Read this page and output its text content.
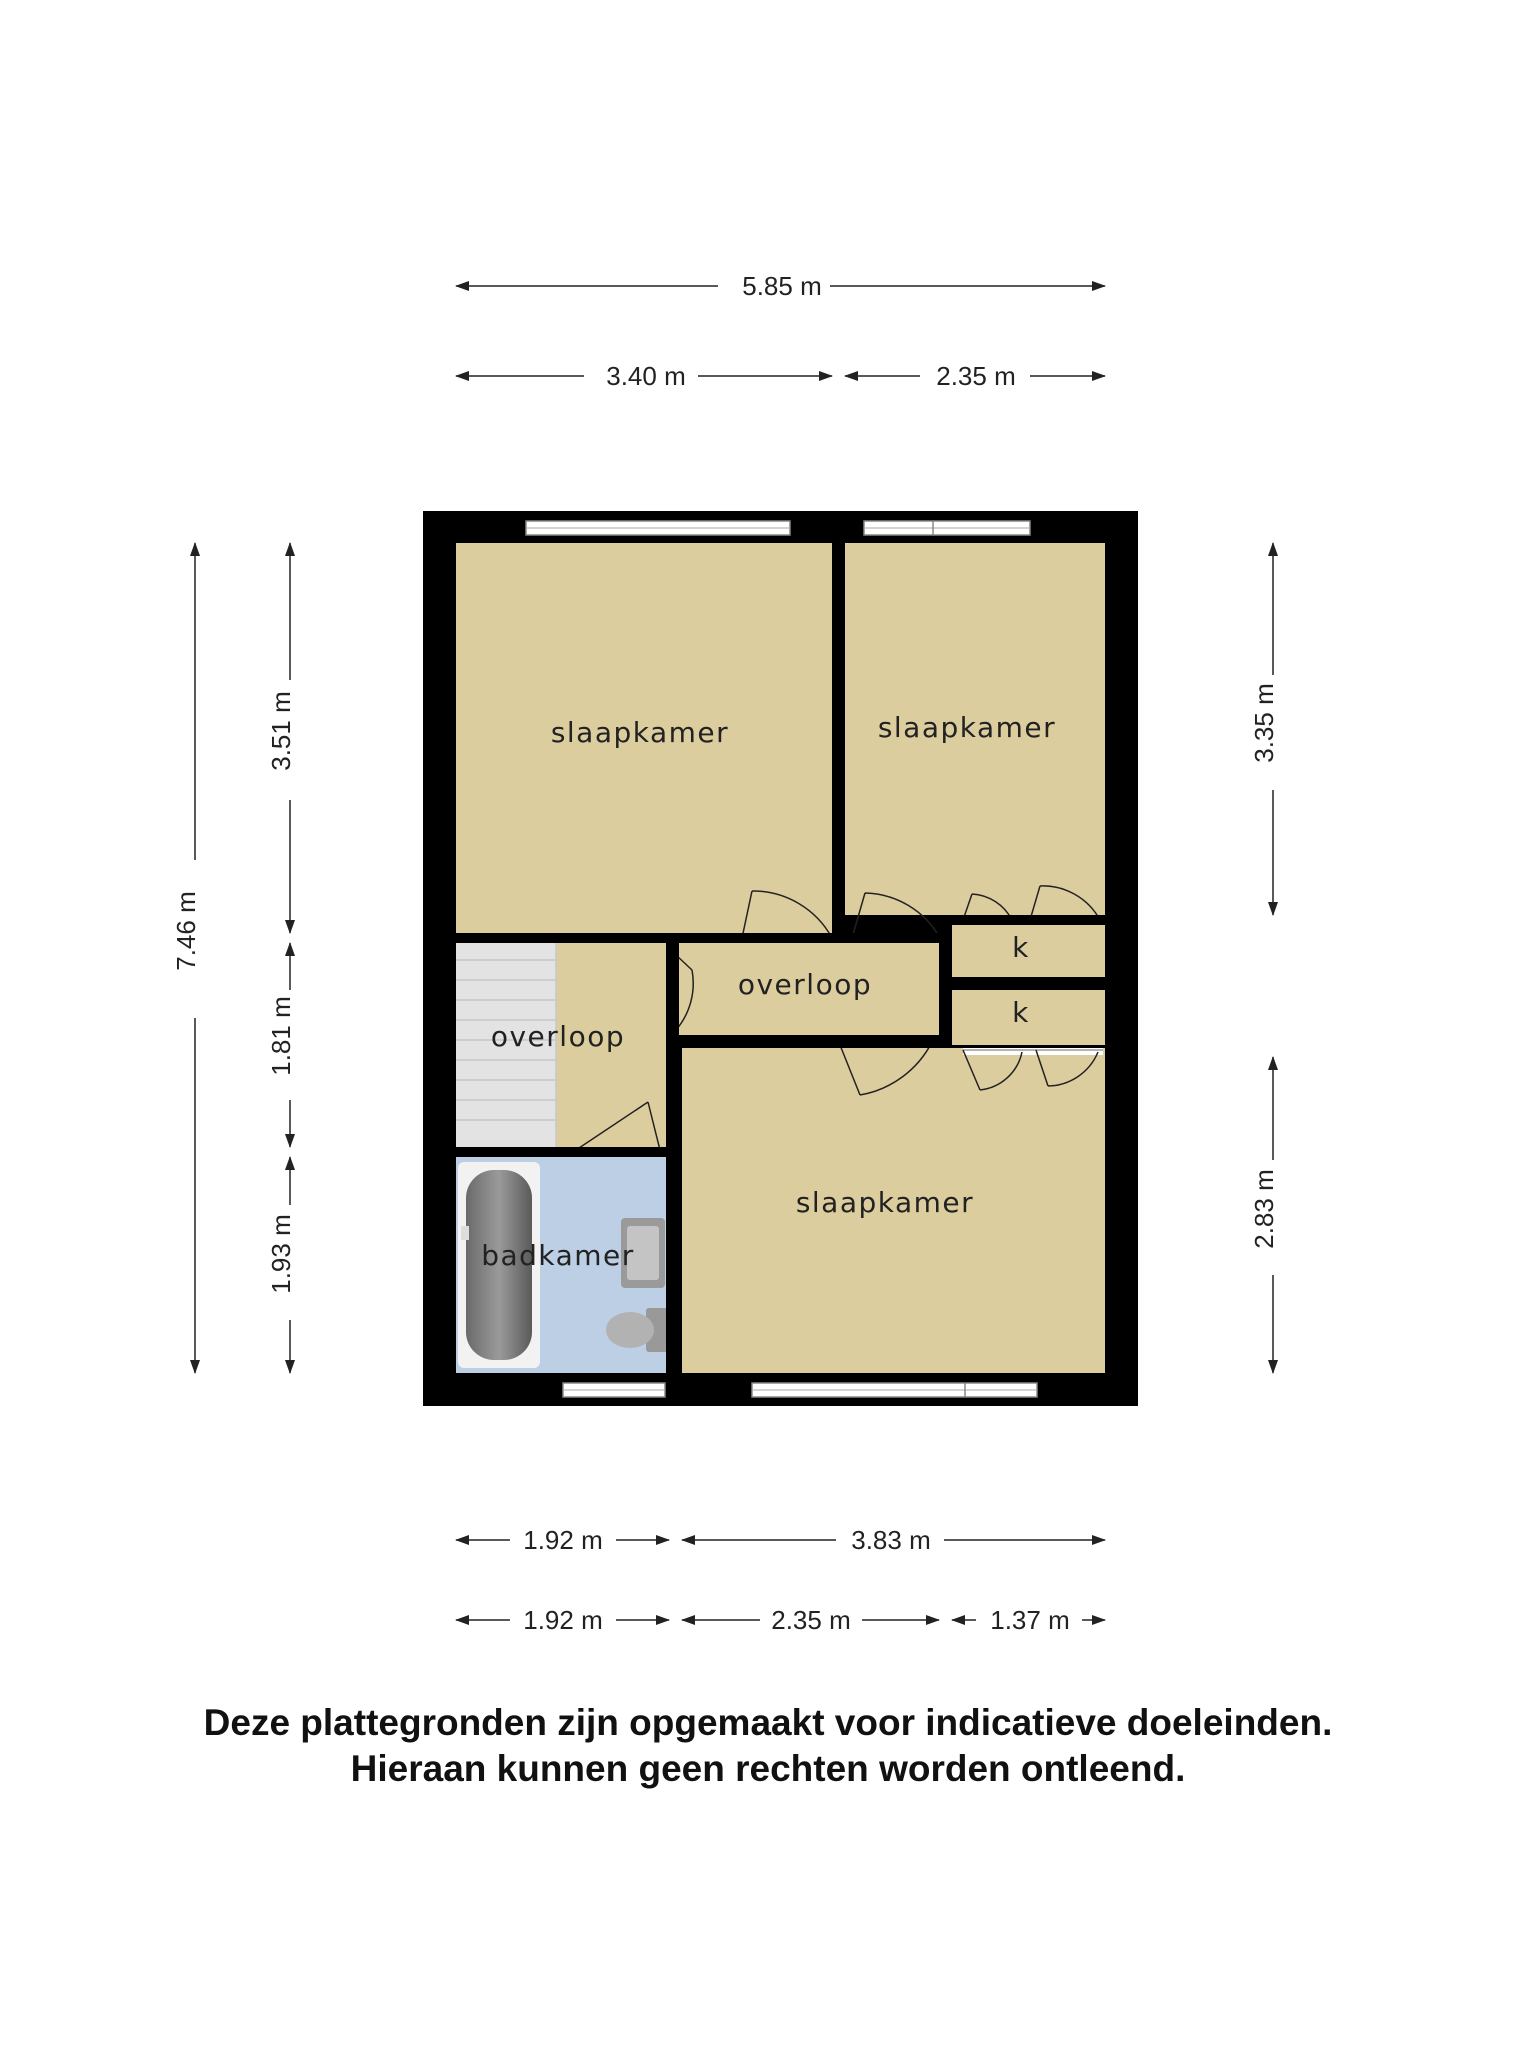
slaapkamer	slaapkamer
overloop
overloop
k
k
slaapkamer
badkamer
5.85 m
3.40 m	2.35 m
1.92 m	3.83 m
1.92 m	2.35 m	1.37 m
7.46 m
3.51 m
1.81 m
1.93 m
3.35 m
2.83 m
Deze plattegronden zijn opgemaakt voor indicatieve doeleinden.
Hieraan kunnen geen rechten worden ontleend.
